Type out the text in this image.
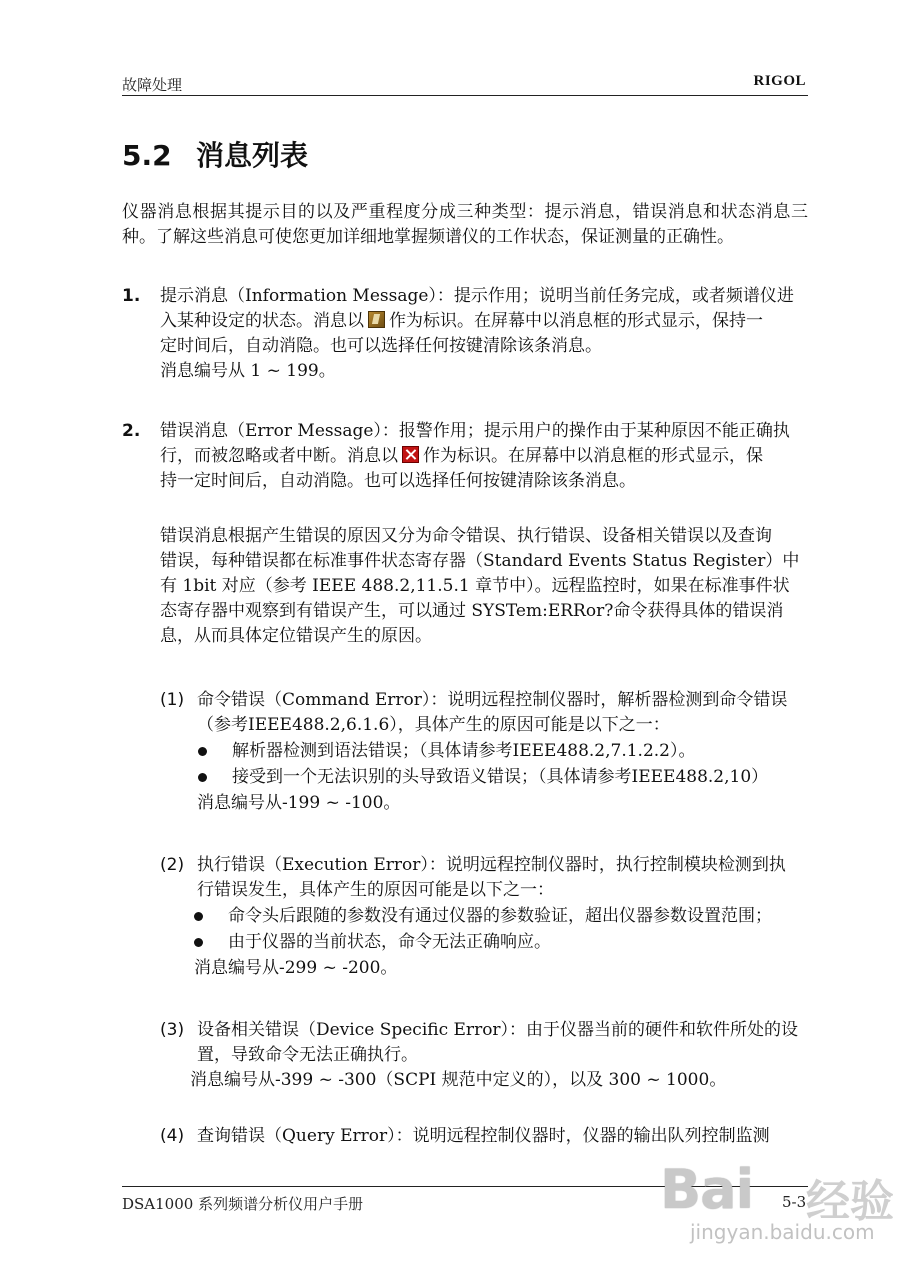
故障处理	RIGOL
5.2 消息列表
仪器消息根据其提示目的以及严重程度分成三种类型：提示消息，错误消息和状态消息三种。了解这些消息可使您更加详细地掌握频谱仪的工作状态，保证测量的正确性。
1. 提示消息（Information Message）：提示作用；说明当前任务完成，或者频谱仪进
入某种设定的状态。消息以 作为标识。在屏幕中以消息框的形式显示，保持一
定时间后，自动消隐。也可以选择任何按键清除该条消息。
消息编号从 1 ~ 199。
2. 错误消息（Error Message）：报警作用；提示用户的操作由于某种原因不能正确执
行，而被忽略或者中断。消息以 作为标识。在屏幕中以消息框的形式显示，保
持一定时间后，自动消隐。也可以选择任何按键清除该条消息。
错误消息根据产生错误的原因又分为命令错误、执行错误、设备相关错误以及查询
错误，每种错误都在标准事件状态寄存器（Standard Events Status Register）中
有 1bit 对应（参考 IEEE 488.2,11.5.1 章节中）。远程监控时，如果在标准事件状
态寄存器中观察到有错误产生，可以通过 SYSTem:ERRor?命令获得具体的错误消
息，从而具体定位错误产生的原因。
(1) 命令错误（Command Error）：说明远程控制仪器时，解析器检测到命令错误
（参考IEEE488.2,6.1.6），具体产生的原因可能是以下之一：
解析器检测到语法错误；（具体请参考IEEE488.2,7.1.2.2）。
接受到一个无法识别的头导致语义错误；（具体请参考IEEE488.2,10）
消息编号从-199 ~ -100。
(2) 执行错误（Execution Error）：说明远程控制仪器时，执行控制模块检测到执
行错误发生，具体产生的原因可能是以下之一：
命令头后跟随的参数没有通过仪器的参数验证，超出仪器参数设置范围；
由于仪器的当前状态，命令无法正确响应。
消息编号从-299 ~ -200。
(3) 设备相关错误（Device Specific Error）：由于仪器当前的硬件和软件所处的设
置，导致命令无法正确执行。
消息编号从-399 ~ -300（SCPI 规范中定义的），以及 300 ~ 1000。
(4) 查询错误（Query Error）：说明远程控制仪器时，仪器的输出队列控制监测
DSA1000 系列频谱分析仪用户手册	5-3
Bai 经验
jingyan.baidu.com
